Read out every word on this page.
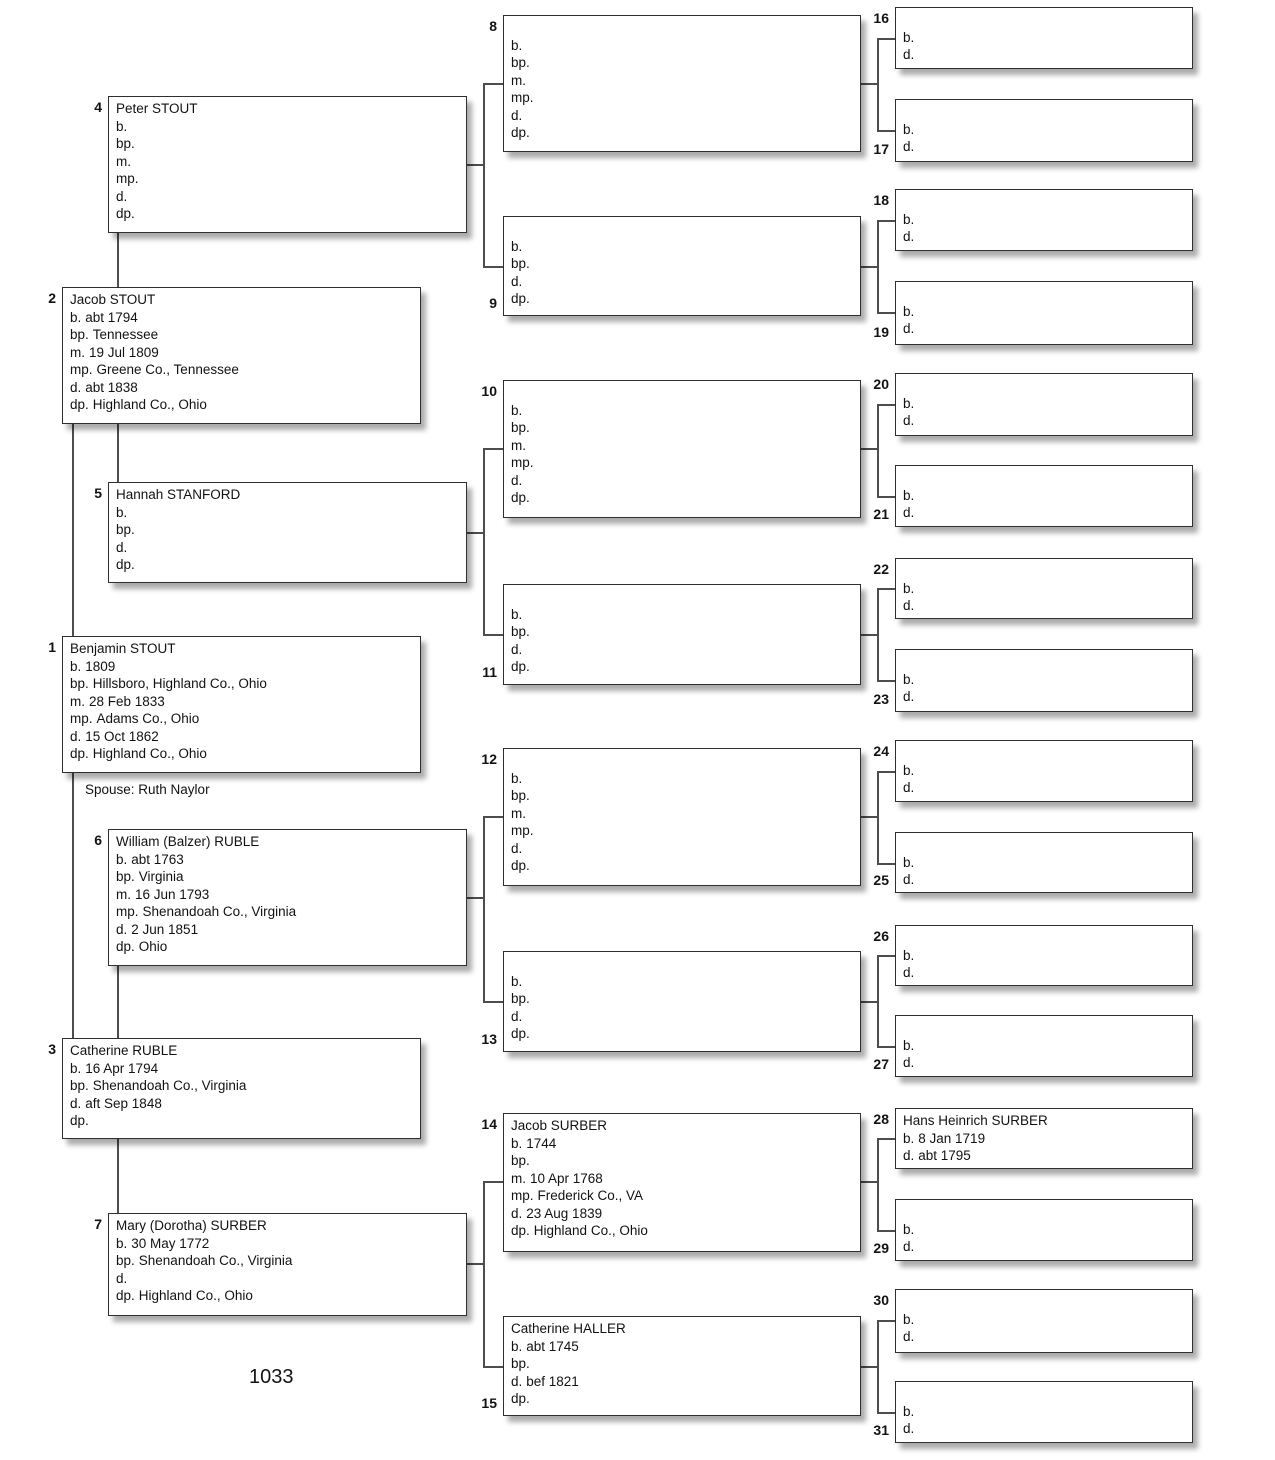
Spouse: Ruth Naylor
1033
Benjamin STOUT
b. 1809
bp. Hillsboro, Highland Co., Ohio
m. 28 Feb 1833
mp. Adams Co., Ohio
d. 15 Oct 1862
dp. Highland Co., Ohio
1
Jacob STOUT
b. abt 1794
bp. Tennessee
m. 19 Jul 1809
mp. Greene Co., Tennessee
d. abt 1838
dp. Highland Co., Ohio
2
Catherine RUBLE
b. 16 Apr 1794
bp. Shenandoah Co., Virginia
d. aft Sep 1848
dp.
3
Peter STOUT
b.
bp.
m.
mp.
d.
dp.
4
Hannah STANFORD
b.
bp.
d.
dp.
5
William (Balzer) RUBLE
b. abt 1763
bp. Virginia
m. 16 Jun 1793
mp. Shenandoah Co., Virginia
d. 2 Jun 1851
dp. Ohio
6
Mary (Dorotha) SURBER
b. 30 May 1772
bp. Shenandoah Co., Virginia
d.
dp. Highland Co., Ohio
7
b.
bp.
m.
mp.
d.
dp.
8
b.
bp.
d.
dp.
9
b.
bp.
m.
mp.
d.
dp.
10
b.
bp.
d.
dp.
11
b.
bp.
m.
mp.
d.
dp.
12
b.
bp.
d.
dp.
13
Jacob SURBER
b. 1744
bp.
m. 10 Apr 1768
mp. Frederick Co., VA
d. 23 Aug 1839
dp. Highland Co., Ohio
14
Catherine HALLER
b. abt 1745
bp.
d. bef 1821
dp.
15
b.
d.
16
b.
d.
17
b.
d.
18
b.
d.
19
b.
d.
20
b.
d.
21
b.
d.
22
b.
d.
23
b.
d.
24
b.
d.
25
b.
d.
26
b.
d.
27
Hans Heinrich SURBER
b. 8 Jan 1719
d. abt 1795
28
b.
d.
29
b.
d.
30
b.
d.
31
